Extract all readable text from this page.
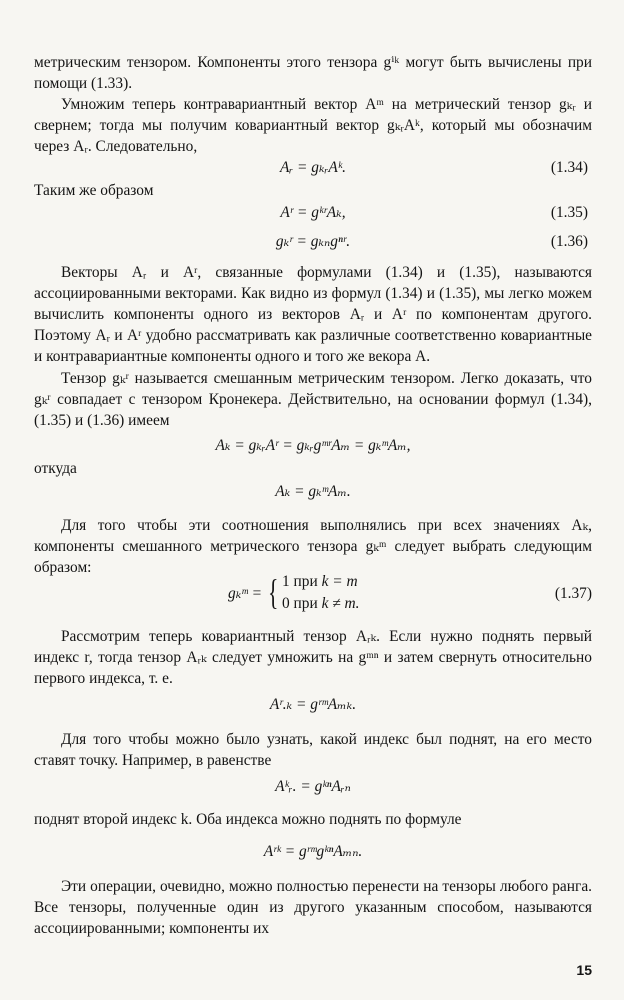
метрическим тензором. Компоненты этого тензора gⁱᵏ могут быть вычислены при помощи (1.33).

Умножим теперь контравариантный вектор Aᵐ на метрический тензор gₖᵣ и свернем; тогда мы получим ковариантный вектор gₖᵣAᵏ, который мы обозначим через Aᵣ. Следовательно,

Aᵣ = gₖᵣAᵏ.	(1.34)
Таким же образом
Aʳ = gᵏʳAₖ,	(1.35)
gₖʳ = gₖₙgⁿʳ.	(1.36)

Векторы Aᵣ и Aʳ, связанные формулами (1.34) и (1.35), называются ассоциированными векторами. Как видно из формул (1.34) и (1.35), мы легко можем вычислить компоненты одного из векторов Aᵣ и Aʳ по компонентам другого. Поэтому Aᵣ и Aʳ удобно рассматривать как различные соответственно ковариантные и контравариантные компоненты одного и того же векора A.

Тензор gₖʳ называется смешанным метрическим тензором. Легко доказать, что gₖʳ совпадает с тензором Кронекера. Действительно, на основании формул (1.34), (1.35) и (1.36) имеем

Aₖ = gₖᵣAʳ = gₖᵣgᵐʳAₘ = gₖᵐAₘ,
откуда
Aₖ = gₖᵐAₘ.

Для того чтобы эти соотношения выполнялись при всех значениях Aₖ, компоненты смешанного метрического тензора gₖᵐ следует выбрать следующим образом:

gₖᵐ = { 1 при k = m
0 при k ≠ m.
(1.37)

Рассмотрим теперь ковариантный тензор Aᵣₖ. Если нужно поднять первый индекс r, тогда тензор Aᵣₖ следует умножить на gᵐⁿ и затем свернуть относительно первого индекса, т. е.

Aʳ.ₖ = gʳᵐAₘₖ.

Для того чтобы можно было узнать, какой индекс был поднят, на его место ставят точку. Например, в равенстве

Aᵏᵣ. = gᵏⁿAᵣₙ
поднят второй индекс k. Оба индекса можно поднять по формуле
Aʳᵏ = gʳᵐgᵏⁿAₘₙ.

Эти операции, очевидно, можно полностью перенести на тензоры любого ранга. Все тензоры, полученные один из другого указанным способом, называются ассоциированными; компоненты их

15
